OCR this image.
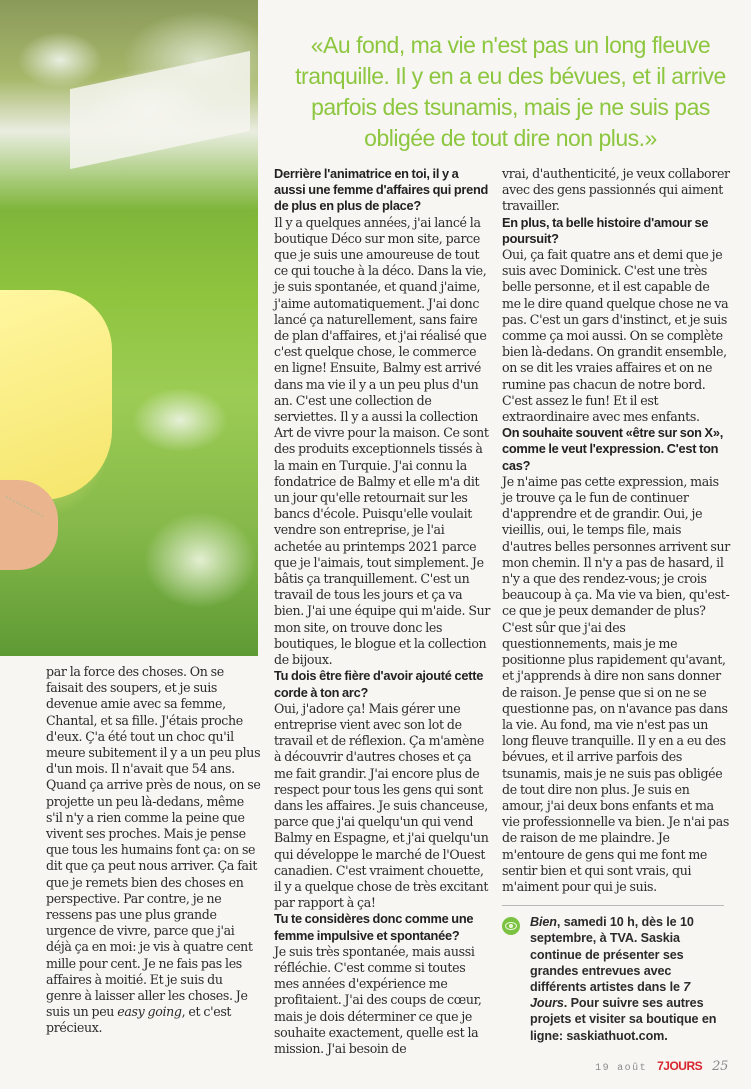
«Au fond, ma vie n'est pas un long fleuve tranquille. Il y en a eu des bévues, et il arrive parfois des tsunamis, mais je ne suis pas obligée de tout dire non plus.»

par la force des choses. On se faisait des soupers, et je suis devenue amie avec sa femme, Chantal, et sa fille. J'étais proche d'eux. Ç'a été tout un choc qu'il meure subitement il y a un peu plus d'un mois. Il n'avait que 54 ans. Quand ça arrive près de nous, on se projette un peu là-dedans, même s'il n'y a rien comme la peine que vivent ses proches. Mais je pense que tous les humains font ça: on se dit que ça peut nous arriver. Ça fait que je remets bien des choses en perspective. Par contre, je ne ressens pas une plus grande urgence de vivre, parce que j'ai déjà ça en moi: je vis à quatre cent mille pour cent. Je ne fais pas les affaires à moitié. Et je suis du genre à laisser aller les choses. Je suis un peu easy going, et c'est précieux.

Derrière l'animatrice en toi, il y a aussi une femme d'affaires qui prend de plus en plus de place?

Il y a quelques années, j'ai lancé la boutique Déco sur mon site, parce que je suis une amoureuse de tout ce qui touche à la déco. Dans la vie, je suis spontanée, et quand j'aime, j'aime automatiquement. J'ai donc lancé ça naturellement, sans faire de plan d'affaires, et j'ai réalisé que c'est quelque chose, le commerce en ligne! Ensuite, Balmy est arrivé dans ma vie il y a un peu plus d'un an. C'est une collection de serviettes. Il y a aussi la collection Art de vivre pour la maison. Ce sont des produits exceptionnels tissés à la main en Turquie. J'ai connu la fondatrice de Balmy et elle m'a dit un jour qu'elle retournait sur les bancs d'école. Puisqu'elle voulait vendre son entreprise, je l'ai achetée au printemps 2021 parce que je l'aimais, tout simplement. Je bâtis ça tranquillement. C'est un travail de tous les jours et ça va bien. J'ai une équipe qui m'aide. Sur mon site, on trouve donc les boutiques, le blogue et la collection de bijoux.

Tu dois être fière d'avoir ajouté cette corde à ton arc?

Oui, j'adore ça! Mais gérer une entreprise vient avec son lot de travail et de réflexion. Ça m'amène à découvrir d'autres choses et ça me fait grandir. J'ai encore plus de respect pour tous les gens qui sont dans les affaires. Je suis chanceuse, parce que j'ai quelqu'un qui vend Balmy en Espagne, et j'ai quelqu'un qui développe le marché de l'Ouest canadien. C'est vraiment chouette, il y a quelque chose de très excitant par rapport à ça!

Tu te considères donc comme une femme impulsive et spontanée?

Je suis très spontanée, mais aussi réfléchie. C'est comme si toutes mes années d'expérience me profitaient. J'ai des coups de cœur, mais je dois déterminer ce que je souhaite exactement, quelle est la mission. J'ai besoin de

vrai, d'authenticité, je veux collaborer avec des gens passionnés qui aiment travailler.

En plus, ta belle histoire d'amour se poursuit?

Oui, ça fait quatre ans et demi que je suis avec Dominick. C'est une très belle personne, et il est capable de me le dire quand quelque chose ne va pas. C'est un gars d'instinct, et je suis comme ça moi aussi. On se complète bien là-dedans. On grandit ensemble, on se dit les vraies affaires et on ne rumine pas chacun de notre bord. C'est assez le fun! Et il est extraordinaire avec mes enfants.

On souhaite souvent «être sur son X», comme le veut l'expression. C'est ton cas?

Je n'aime pas cette expression, mais je trouve ça le fun de continuer d'apprendre et de grandir. Oui, je vieillis, oui, le temps file, mais d'autres belles personnes arrivent sur mon chemin. Il n'y a pas de hasard, il n'y a que des rendez-vous; je crois beaucoup à ça. Ma vie va bien, qu'est-ce que je peux demander de plus? C'est sûr que j'ai des questionnements, mais je me positionne plus rapidement qu'avant, et j'apprends à dire non sans donner de raison. Je pense que si on ne se questionne pas, on n'avance pas dans la vie. Au fond, ma vie n'est pas un long fleuve tranquille. Il y en a eu des bévues, et il arrive parfois des tsunamis, mais je ne suis pas obligée de tout dire non plus. Je suis en amour, j'ai deux bons enfants et ma vie professionnelle va bien. Je n'ai pas de raison de me plaindre. Je m'entoure de gens qui me font me sentir bien et qui sont vrais, qui m'aiment pour qui je suis.

Bien, samedi 10 h, dès le 10 septembre, à TVA. Saskia continue de présenter ses grandes entrevues avec différents artistes dans le 7 Jours. Pour suivre ses autres projets et visiter sa boutique en ligne: saskiathuot.com.
19 août 7JOURS 25
